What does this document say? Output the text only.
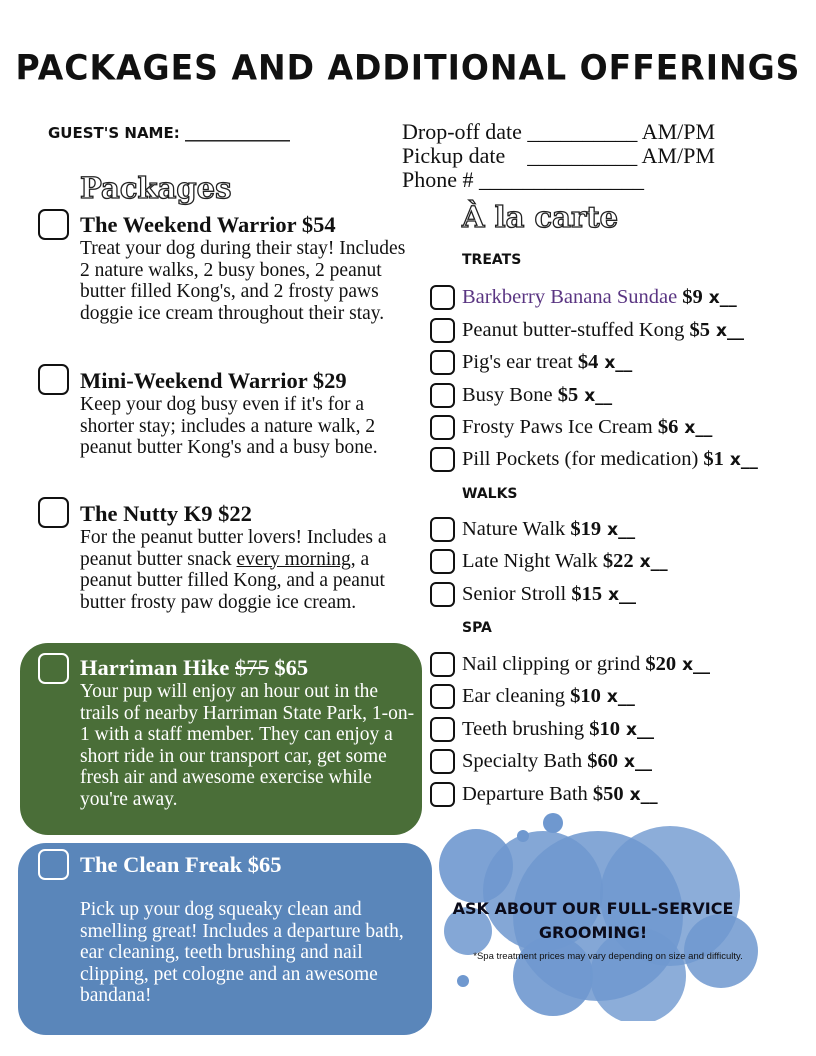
PACKAGES AND ADDITIONAL OFFERINGS
GUEST'S NAME: ______________	Drop-off date __________ AM/PM
Pickup date    __________ AM/PM
Phone # _______________
Packages
À la carte
The Weekend Warrior $54
Treat your dog during their stay! Includes 2 nature walks, 2 busy bones, 2 peanut butter filled Kong's, and 2 frosty paws doggie ice cream throughout their stay.
Mini-Weekend Warrior $29
Keep your dog busy even if it's for a shorter stay; includes a nature walk, 2 peanut butter Kong's and a busy bone.
The Nutty K9 $22
For the peanut butter lovers! Includes a peanut butter snack every morning, a peanut butter filled Kong, and a peanut butter frosty paw doggie ice cream.
Harriman Hike $75 $65
Your pup will enjoy an hour out in the trails of nearby Harriman State Park, 1-on-1 with a staff member. They can enjoy a short ride in our transport car, get some fresh air and awesome exercise while you're away.
The Clean Freak $65
Pick up your dog squeaky clean and smelling great! Includes a departure bath, ear cleaning, teeth brushing and nail clipping, pet cologne and an awesome bandana!
TREATS
Barkberry Banana Sundae
$9 x__
Peanut butter-stuffed Kong
$5 x__
Pig's ear treat
$4 x__
Busy Bone
$5 x__
Frosty Paws Ice Cream
$6 x__
Pill Pockets (for medication)
$1 x__
WALKS
Nature Walk
$19 x__
Late Night Walk
$22 x__
Senior Stroll
$15 x__
SPA
Nail clipping or grind
$20 x__
Ear cleaning
$10 x__
Teeth brushing
$10 x__
Specialty Bath
$60 x__
Departure Bath
$50 x__
ASK ABOUT OUR FULL-SERVICE
GROOMING!
*Spa treatment prices may vary depending on size and difficulty.
